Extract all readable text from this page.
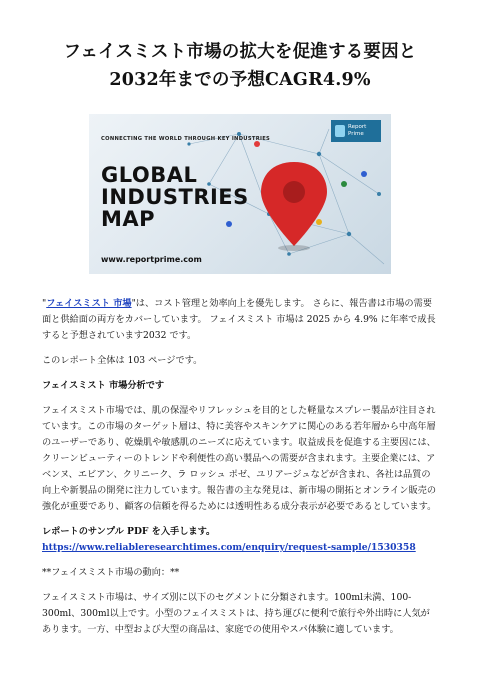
フェイスミスト市場の拡大を促進する要因と
2032年までの予想CAGR4.9%
CONNECTING THE WORLD THROUGH KEY INDUSTRIES
GLOBAL
INDUSTRIES
MAP
www.reportprime.com
Report
Prime

"フェイスミスト 市場"は、コスト管理と効率向上を優先します。 さらに、報告書は市場の需要面と供給面の両方をカバーしています。 フェイスミスト 市場は 2025 から 4.9% に年率で成長すると予想されています2032 です。

このレポート全体は 103 ページです。

フェイスミスト 市場分析です

フェイスミスト市場では、肌の保湿やリフレッシュを目的とした軽量なスプレー製品が注目されています。この市場のターゲット層は、特に美容やスキンケアに関心のある若年層から中高年層のユーザーであり、乾燥肌や敏感肌のニーズに応えています。収益成長を促進する主要因には、クリーンビューティーのトレンドや利便性の高い製品への需要が含まれます。主要企業には、アベンヌ、エビアン、クリニーク、ラ ロッシュ ポゼ、ユリアージュなどが含まれ、各社は品質の向上や新製品の開発に注力しています。報告書の主な発見は、新市場の開拓とオンライン販売の強化が重要であり、顧客の信頼を得るためには透明性ある成分表示が必要であるとしています。

レポートのサンプル PDF を入手します。 https://www.reliableresearchtimes.com/enquiry/request-sample/1530358

**フェイスミスト市場の動向：**

フェイスミスト市場は、サイズ別に以下のセグメントに分類されます。100ml未満、100-300ml、300ml以上です。小型のフェイスミストは、持ち運びに便利で旅行や外出時に人気があります。一方、中型および大型の商品は、家庭での使用やスパ体験に適しています。
